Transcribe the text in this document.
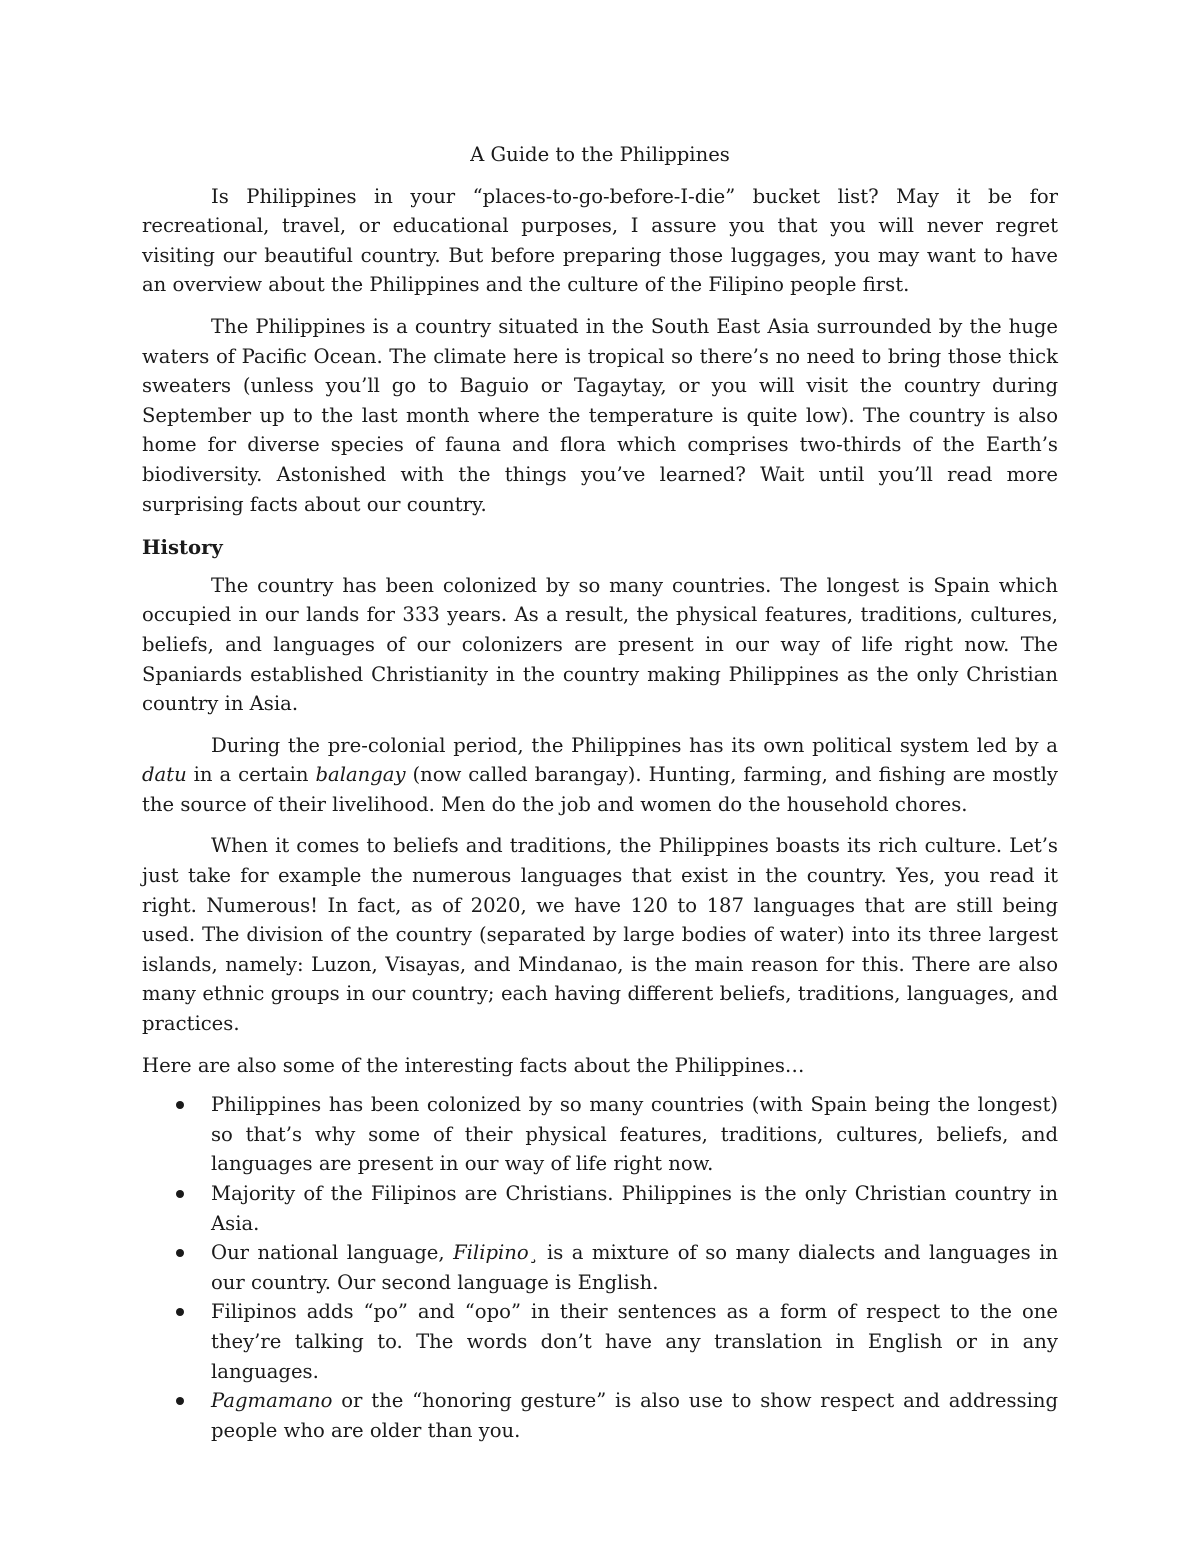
A Guide to the Philippines

Is Philippines in your “places-to-go-before-I-die” bucket list? May it be for recreational, travel, or educational purposes, I assure you that you will never regret visiting our beautiful country. But before preparing those luggages, you may want to have an overview about the Philippines and the culture of the Filipino people first.

The Philippines is a country situated in the South East Asia surrounded by the huge waters of Pacific Ocean. The climate here is tropical so there’s no need to bring those thick sweaters (unless you’ll go to Baguio or Tagaytay, or you will visit the country during September up to the last month where the temperature is quite low). The country is also home for diverse species of fauna and flora which comprises two-thirds of the Earth’s biodiversity. Astonished with the things you’ve learned? Wait until you’ll read more surprising facts about our country.

History

The country has been colonized by so many countries. The longest is Spain which occupied in our lands for 333 years. As a result, the physical features, traditions, cultures, beliefs, and languages of our colonizers are present in our way of life right now. The Spaniards established Christianity in the country making Philippines as the only Christian country in Asia.

During the pre-colonial period, the Philippines has its own political system led by a datu in a certain balangay (now called barangay). Hunting, farming, and fishing are mostly the source of their livelihood. Men do the job and women do the household chores.

When it comes to beliefs and traditions, the Philippines boasts its rich culture. Let’s just take for example the numerous languages that exist in the country. Yes, you read it right. Numerous! In fact, as of 2020, we have 120 to 187 languages that are still being used. The division of the country (separated by large bodies of water) into its three largest islands, namely: Luzon, Visayas, and Mindanao, is the main reason for this. There are also many ethnic groups in our country; each having different beliefs, traditions, languages, and practices.

Here are also some of the interesting facts about the Philippines…

Philippines has been colonized by so many countries (with Spain being the longest) so that’s why some of their physical features, traditions, cultures, beliefs, and languages are present in our way of life right now.
Majority of the Filipinos are Christians. Philippines is the only Christian country in Asia.
Our national language, Filipino¸ is a mixture of so many dialects and languages in our country. Our second language is English.
Filipinos adds “po” and “opo” in their sentences as a form of respect to the one they’re talking to. The words don’t have any translation in English or in any languages.
Pagmamano or the “honoring gesture” is also use to show respect and addressing people who are older than you.
